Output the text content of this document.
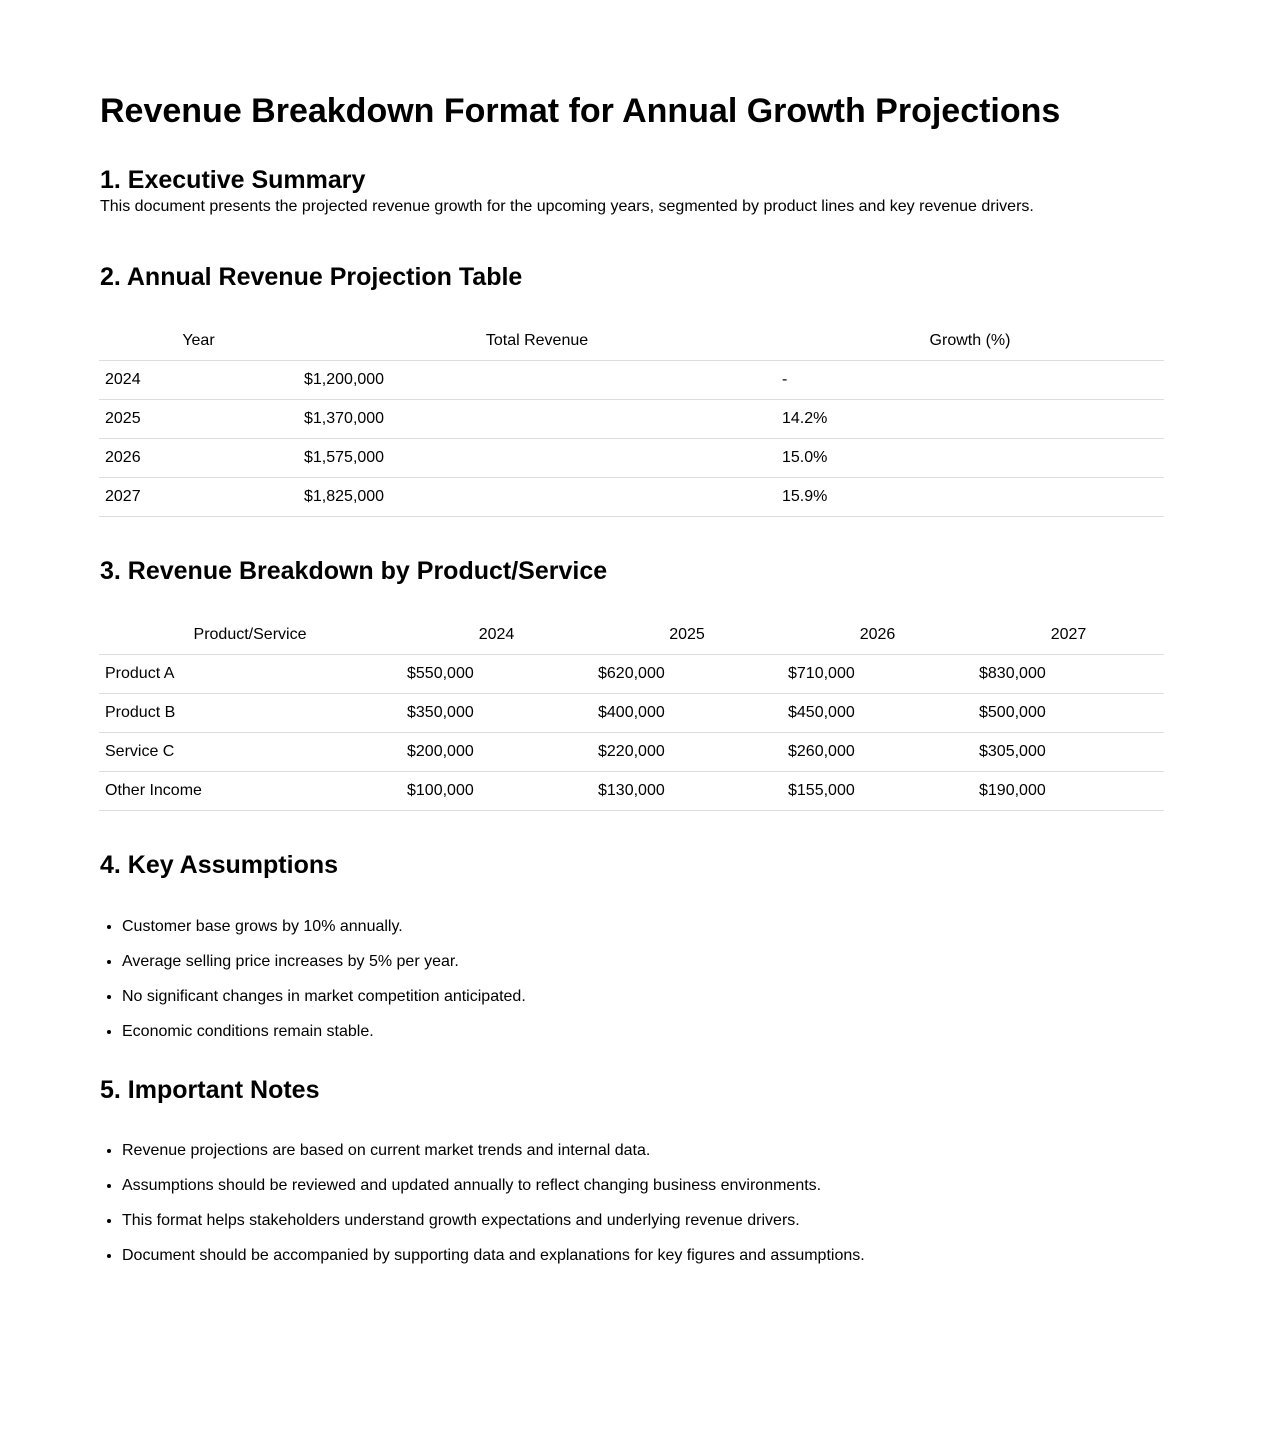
Revenue Breakdown Format for Annual Growth Projections
1. Executive Summary

This document presents the projected revenue growth for the upcoming years, segmented by product lines and key revenue drivers.

2. Annual Revenue Projection Table
Year	Total Revenue	Growth (%)
2024	$1,200,000	-
2025	$1,370,000	14.2%
2026	$1,575,000	15.0%
2027	$1,825,000	15.9%
3. Revenue Breakdown by Product/Service
Product/Service	2024	2025	2026	2027
Product A	$550,000	$620,000	$710,000	$830,000
Product B	$350,000	$400,000	$450,000	$500,000
Service C	$200,000	$220,000	$260,000	$305,000
Other Income	$100,000	$130,000	$155,000	$190,000
4. Key Assumptions
• Customer base grows by 10% annually.
• Average selling price increases by 5% per year.
• No significant changes in market competition anticipated.
• Economic conditions remain stable.
5. Important Notes
• Revenue projections are based on current market trends and internal data.
• Assumptions should be reviewed and updated annually to reflect changing business environments.
• This format helps stakeholders understand growth expectations and underlying revenue drivers.
• Document should be accompanied by supporting data and explanations for key figures and assumptions.
